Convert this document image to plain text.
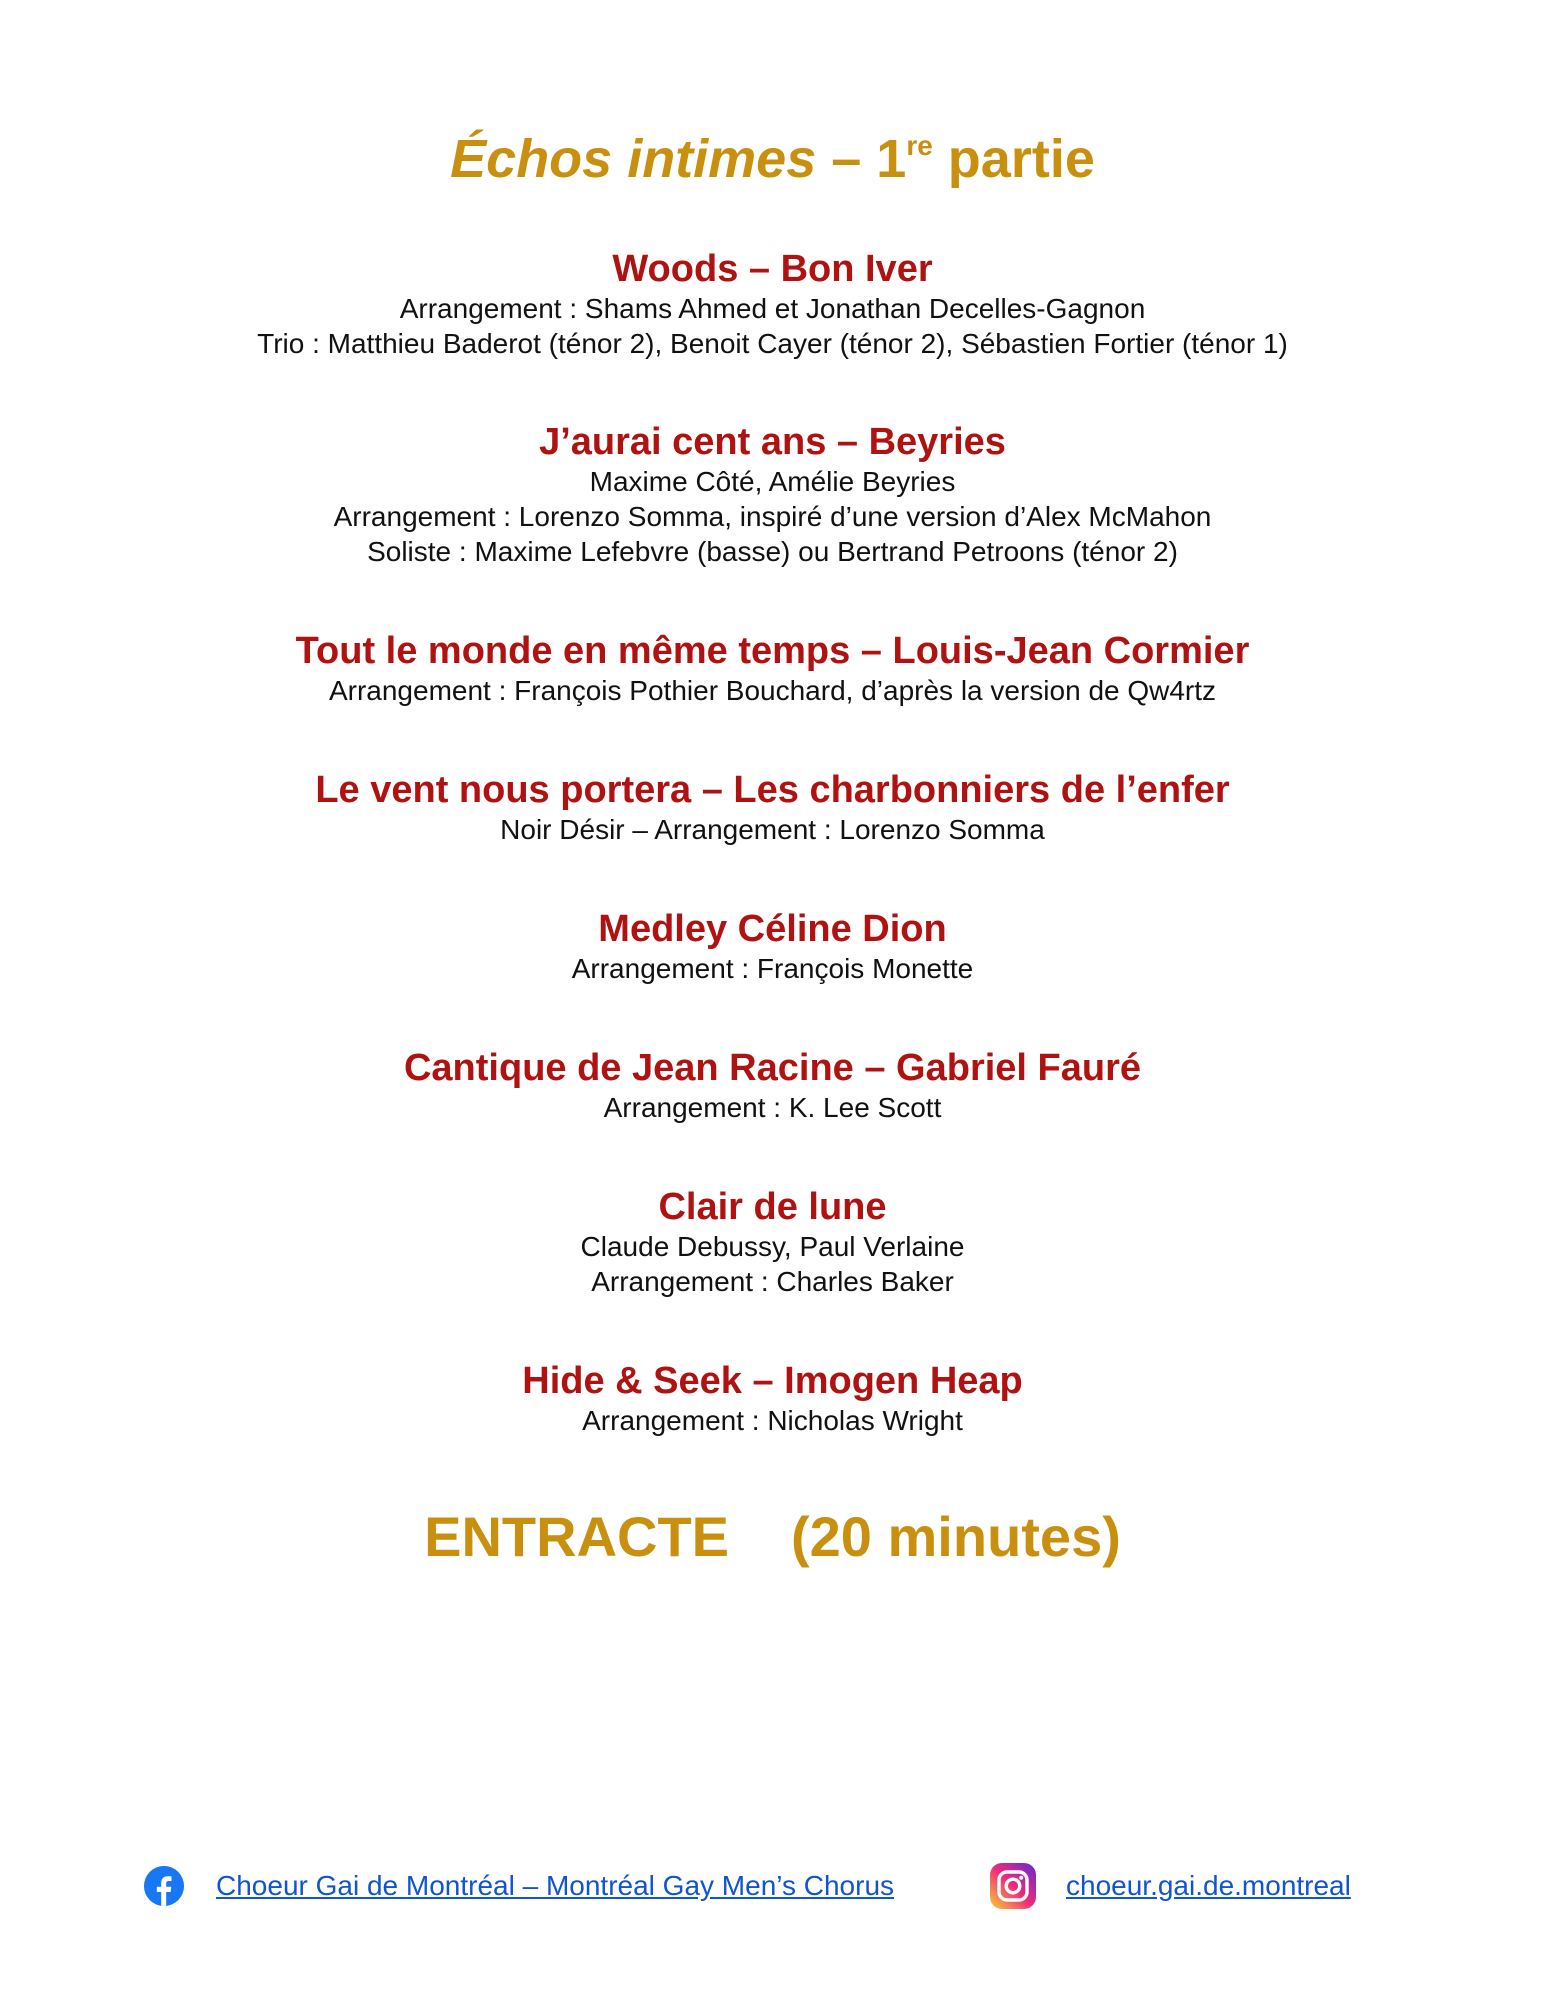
Échos intimes – 1re partie
Woods – Bon Iver

Arrangement : Shams Ahmed et Jonathan Decelles-Gagnon

Trio : Matthieu Baderot (ténor 2), Benoit Cayer (ténor 2), Sébastien Fortier (ténor 1)

J’aurai cent ans – Beyries

Maxime Côté, Amélie Beyries

Arrangement : Lorenzo Somma, inspiré d’une version d’Alex McMahon

Soliste : Maxime Lefebvre (basse) ou Bertrand Petroons (ténor 2)

Tout le monde en même temps – Louis-Jean Cormier

Arrangement : François Pothier Bouchard, d’après la version de Qw4rtz

Le vent nous portera – Les charbonniers de l’enfer

Noir Désir – Arrangement : Lorenzo Somma

Medley Céline Dion

Arrangement : François Monette

Cantique de Jean Racine – Gabriel Fauré

Arrangement : K. Lee Scott

Clair de lune

Claude Debussy, Paul Verlaine

Arrangement : Charles Baker

Hide & Seek – Imogen Heap

Arrangement : Nicholas Wright

ENTRACTE (20 minutes)
Choeur Gai de Montréal – Montréal Gay Men’s Chorus	choeur.gai.de.montreal
